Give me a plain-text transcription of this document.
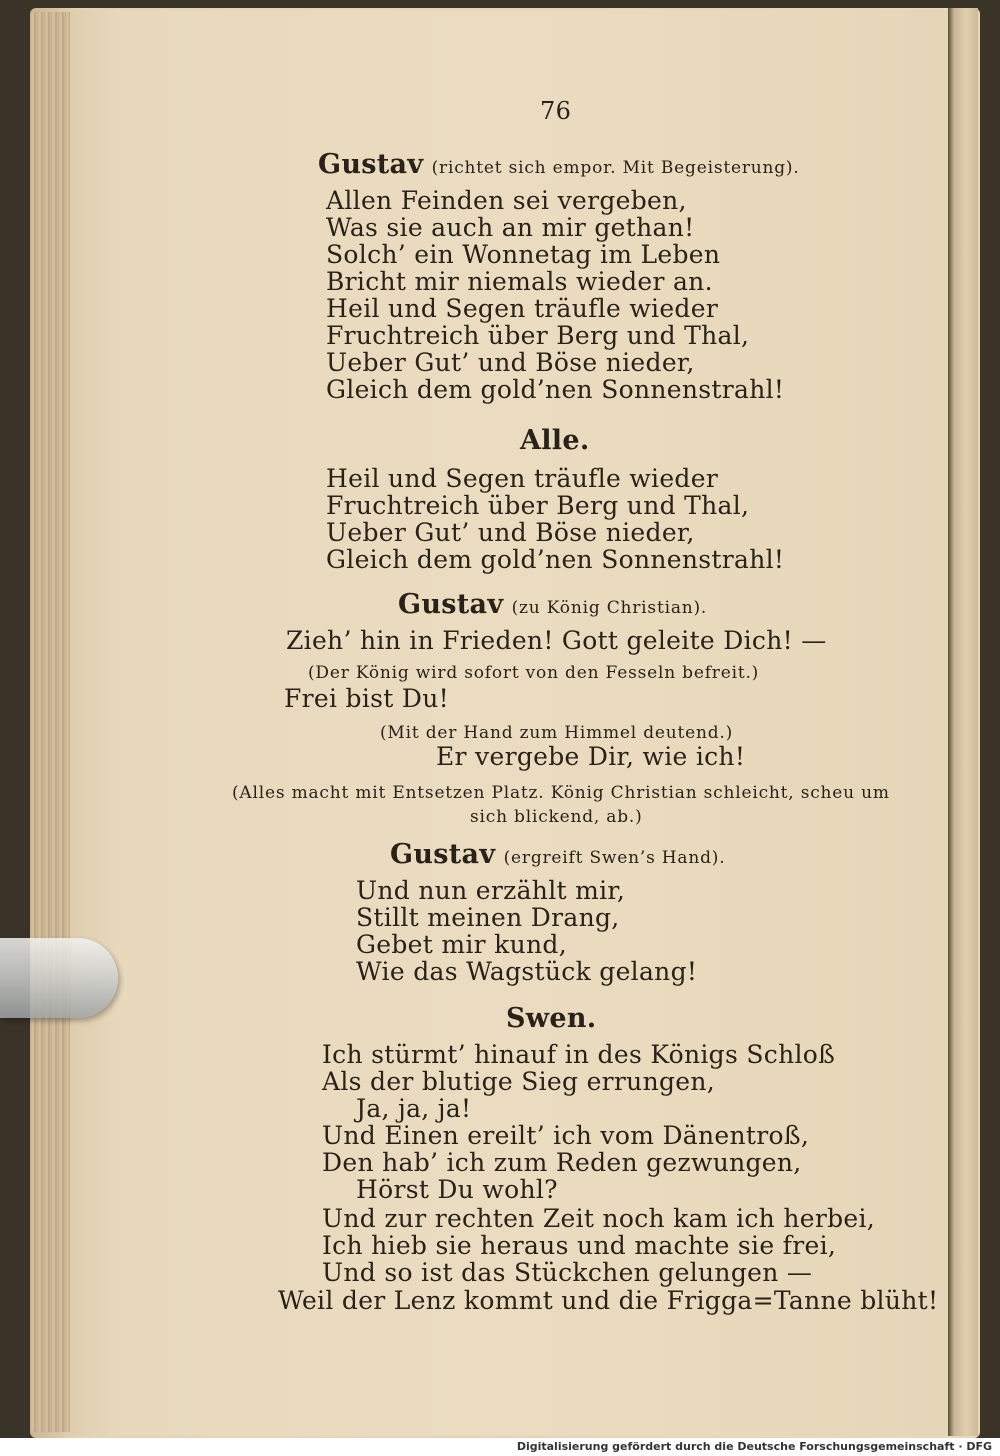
76
Gustav (richtet sich empor. Mit Begeisterung).
Allen Feinden sei vergeben,
Was sie auch an mir gethan!
Solch’ ein Wonnetag im Leben
Bricht mir niemals wieder an.
Heil und Segen träufle wieder
Fruchtreich über Berg und Thal,
Ueber Gut’ und Böse nieder,
Gleich dem gold’nen Sonnenstrahl!
Alle.
Heil und Segen träufle wieder
Fruchtreich über Berg und Thal,
Ueber Gut’ und Böse nieder,
Gleich dem gold’nen Sonnenstrahl!
Gustav (zu König Christian).
Zieh’ hin in Frieden! Gott geleite Dich! —
(Der König wird sofort von den Fesseln befreit.)
Frei bist Du!
(Mit der Hand zum Himmel deutend.)
Er vergebe Dir, wie ich!
(Alles macht mit Entsetzen Platz. König Christian schleicht, scheu um
sich blickend, ab.)
Gustav (ergreift Swen’s Hand).
Und nun erzählt mir,
Stillt meinen Drang,
Gebet mir kund,
Wie das Wagstück gelang!
Swen.
Ich stürmt’ hinauf in des Königs Schloß
Als der blutige Sieg errungen,
Ja, ja, ja!
Und Einen ereilt’ ich vom Dänentroß,
Den hab’ ich zum Reden gezwungen,
Hörst Du wohl?
Und zur rechten Zeit noch kam ich herbei,
Ich hieb sie heraus und machte sie frei,
Und so ist das Stückchen gelungen —
Weil der Lenz kommt und die Frigga=Tanne blüht!
Digitalisierung gefördert durch die Deutsche Forschungsgemeinschaft · DFG
